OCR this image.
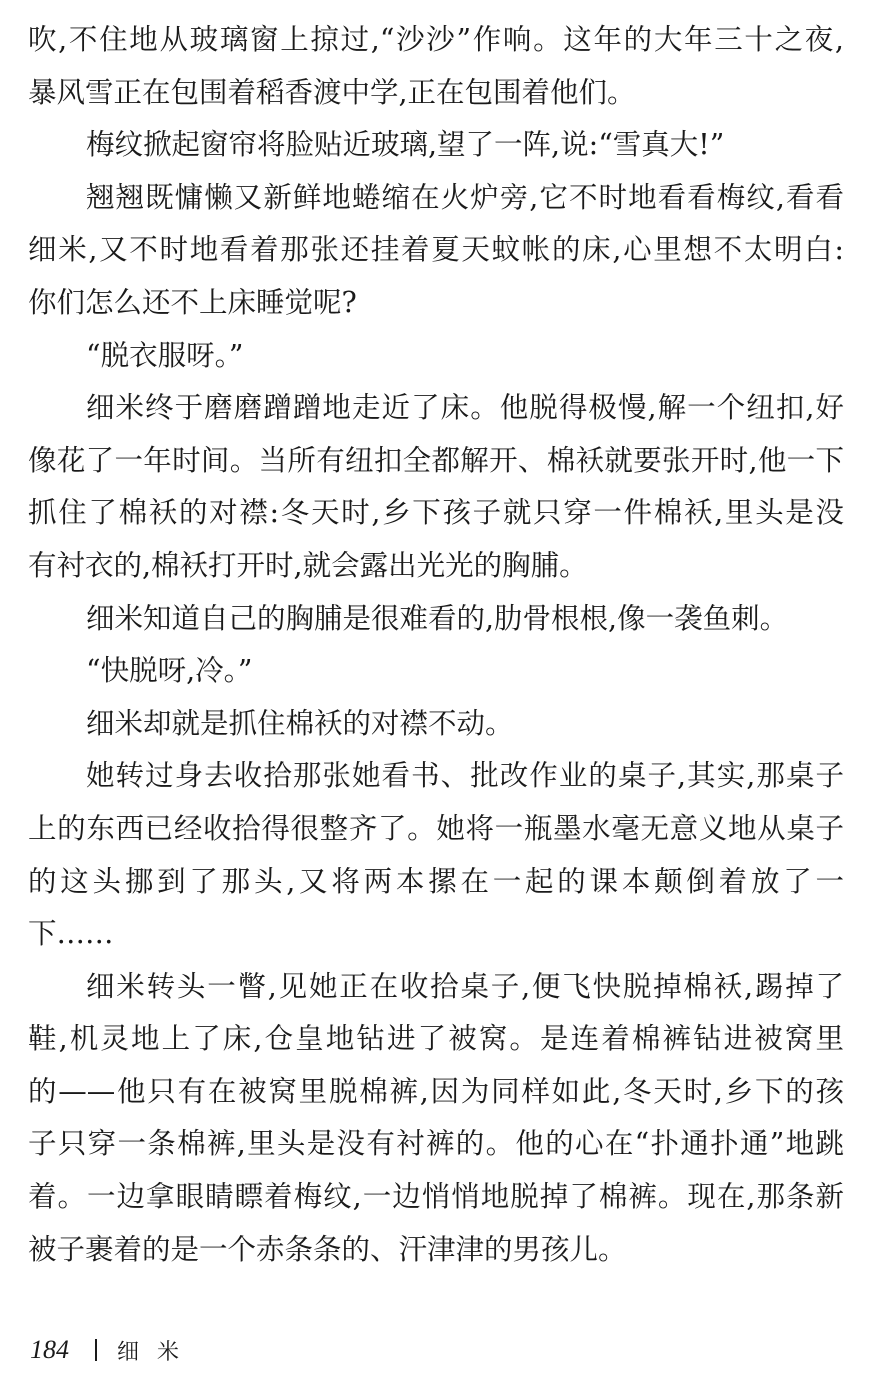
吹,不住地从玻璃窗上掠过,“沙沙”作响。这年的大年三十之夜,
暴风雪正在包围着稻香渡中学,正在包围着他们。
梅纹掀起窗帘将脸贴近玻璃,望了一阵,说:“雪真大!”
翘翘既慵懒又新鲜地蜷缩在火炉旁,它不时地看看梅纹,看看
细米,又不时地看着那张还挂着夏天蚊帐的床,心里想不太明白:
你们怎么还不上床睡觉呢?
“脱衣服呀。”
细米终于磨磨蹭蹭地走近了床。他脱得极慢,解一个纽扣,好
像花了一年时间。当所有纽扣全都解开、棉袄就要张开时,他一下
抓住了棉袄的对襟:冬天时,乡下孩子就只穿一件棉袄,里头是没
有衬衣的,棉袄打开时,就会露出光光的胸脯。
细米知道自己的胸脯是很难看的,肋骨根根,像一袭鱼刺。
“快脱呀,冷。”
细米却就是抓住棉袄的对襟不动。
她转过身去收拾那张她看书、批改作业的桌子,其实,那桌子
上的东西已经收拾得很整齐了。她将一瓶墨水毫无意义地从桌子
的这头挪到了那头,又将两本摞在一起的课本颠倒着放了一
下……
细米转头一瞥,见她正在收拾桌子,便飞快脱掉棉袄,踢掉了
鞋,机灵地上了床,仓皇地钻进了被窝。是连着棉裤钻进被窝里
的——他只有在被窝里脱棉裤,因为同样如此,冬天时,乡下的孩
子只穿一条棉裤,里头是没有衬裤的。他的心在“扑通扑通”地跳
着。一边拿眼睛瞟着梅纹,一边悄悄地脱掉了棉裤。现在,那条新
被子裹着的是一个赤条条的、汗津津的男孩儿。
184 细米
